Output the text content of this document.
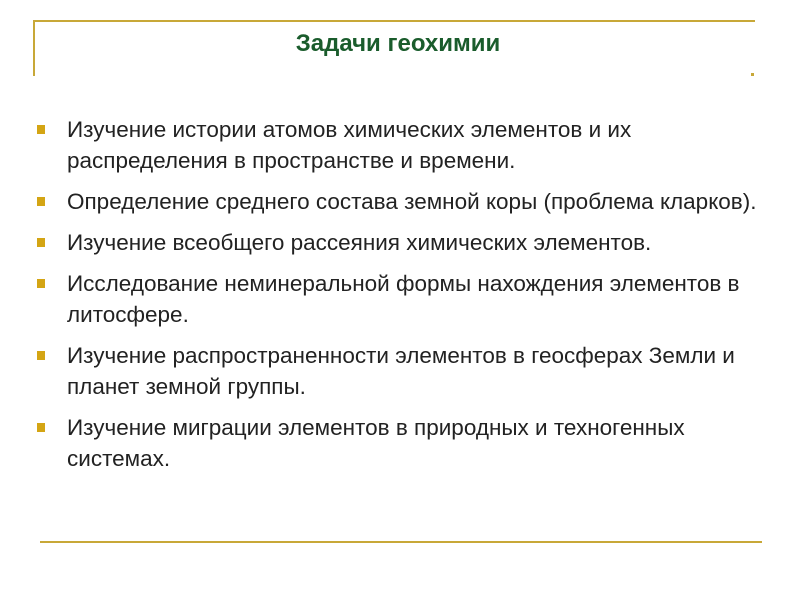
Задачи геохимии
Изучение истории атомов химических элементов и их распределения в пространстве и времени.
Определение среднего состава земной коры (проблема кларков).
Изучение всеобщего рассеяния химических элементов.
Исследование неминеральной формы нахождения элементов в литосфере.
Изучение распространенности элементов в геосферах Земли и планет земной группы.
Изучение миграции элементов в природных и техногенных системах.
